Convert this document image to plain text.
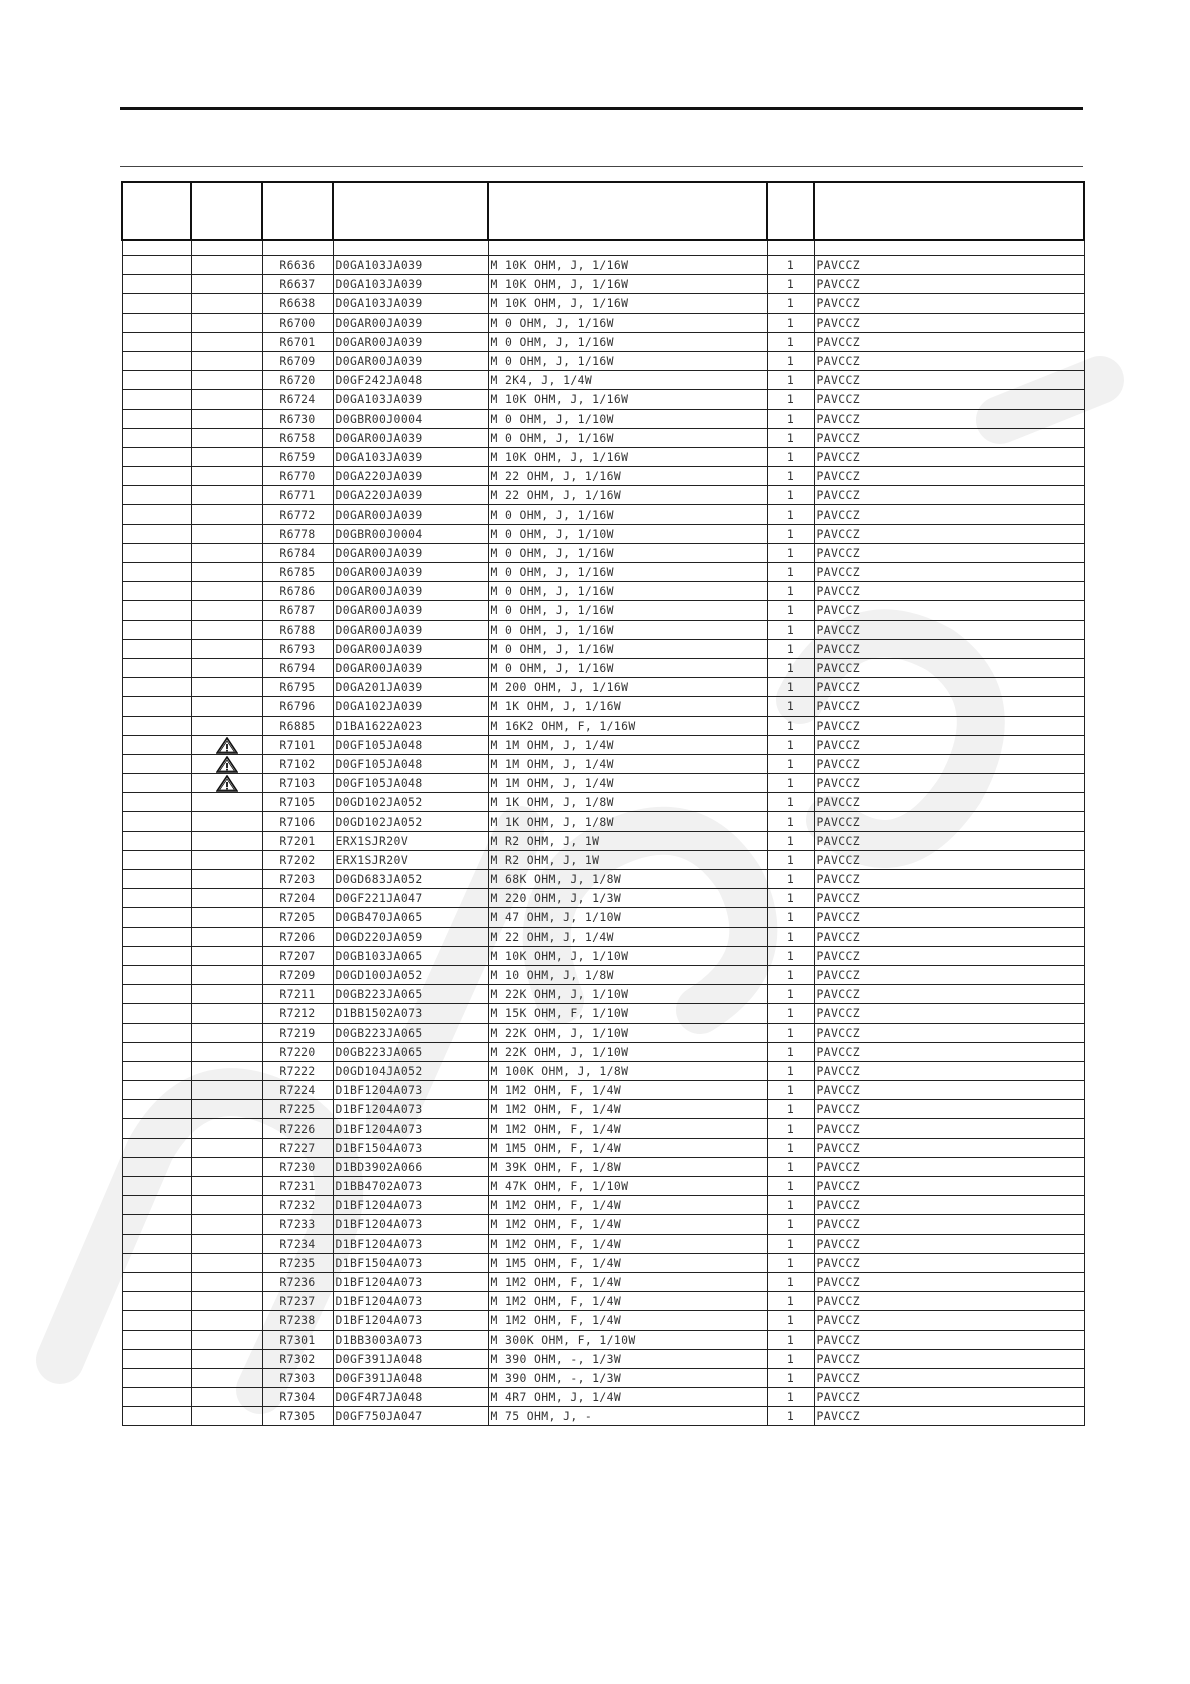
		R6636	D0GA103JA039	M 10K OHM, J, 1/16W	1	PAVCCZ
		R6637	D0GA103JA039	M 10K OHM, J, 1/16W	1	PAVCCZ
		R6638	D0GA103JA039	M 10K OHM, J, 1/16W	1	PAVCCZ
		R6700	D0GAR00JA039	M 0 OHM, J, 1/16W	1	PAVCCZ
		R6701	D0GAR00JA039	M 0 OHM, J, 1/16W	1	PAVCCZ
		R6709	D0GAR00JA039	M 0 OHM, J, 1/16W	1	PAVCCZ
		R6720	D0GF242JA048	M 2K4, J, 1/4W	1	PAVCCZ
		R6724	D0GA103JA039	M 10K OHM, J, 1/16W	1	PAVCCZ
		R6730	D0GBR00J0004	M 0 OHM, J, 1/10W	1	PAVCCZ
		R6758	D0GAR00JA039	M 0 OHM, J, 1/16W	1	PAVCCZ
		R6759	D0GA103JA039	M 10K OHM, J, 1/16W	1	PAVCCZ
		R6770	D0GA220JA039	M 22 OHM, J, 1/16W	1	PAVCCZ
		R6771	D0GA220JA039	M 22 OHM, J, 1/16W	1	PAVCCZ
		R6772	D0GAR00JA039	M 0 OHM, J, 1/16W	1	PAVCCZ
		R6778	D0GBR00J0004	M 0 OHM, J, 1/10W	1	PAVCCZ
		R6784	D0GAR00JA039	M 0 OHM, J, 1/16W	1	PAVCCZ
		R6785	D0GAR00JA039	M 0 OHM, J, 1/16W	1	PAVCCZ
		R6786	D0GAR00JA039	M 0 OHM, J, 1/16W	1	PAVCCZ
		R6787	D0GAR00JA039	M 0 OHM, J, 1/16W	1	PAVCCZ
		R6788	D0GAR00JA039	M 0 OHM, J, 1/16W	1	PAVCCZ
		R6793	D0GAR00JA039	M 0 OHM, J, 1/16W	1	PAVCCZ
		R6794	D0GAR00JA039	M 0 OHM, J, 1/16W	1	PAVCCZ
		R6795	D0GA201JA039	M 200 OHM, J, 1/16W	1	PAVCCZ
		R6796	D0GA102JA039	M 1K OHM, J, 1/16W	1	PAVCCZ
		R6885	D1BA1622A023	M 16K2 OHM, F, 1/16W	1	PAVCCZ
		R7101	D0GF105JA048	M 1M OHM, J, 1/4W	1	PAVCCZ
		R7102	D0GF105JA048	M 1M OHM, J, 1/4W	1	PAVCCZ
		R7103	D0GF105JA048	M 1M OHM, J, 1/4W	1	PAVCCZ
		R7105	D0GD102JA052	M 1K OHM, J, 1/8W	1	PAVCCZ
		R7106	D0GD102JA052	M 1K OHM, J, 1/8W	1	PAVCCZ
		R7201	ERX1SJR20V	M R2 OHM, J, 1W	1	PAVCCZ
		R7202	ERX1SJR20V	M R2 OHM, J, 1W	1	PAVCCZ
		R7203	D0GD683JA052	M 68K OHM, J, 1/8W	1	PAVCCZ
		R7204	D0GF221JA047	M 220 OHM, J, 1/3W	1	PAVCCZ
		R7205	D0GB470JA065	M 47 OHM, J, 1/10W	1	PAVCCZ
		R7206	D0GD220JA059	M 22 OHM, J, 1/4W	1	PAVCCZ
		R7207	D0GB103JA065	M 10K OHM, J, 1/10W	1	PAVCCZ
		R7209	D0GD100JA052	M 10 OHM, J, 1/8W	1	PAVCCZ
		R7211	D0GB223JA065	M 22K OHM, J, 1/10W	1	PAVCCZ
		R7212	D1BB1502A073	M 15K OHM, F, 1/10W	1	PAVCCZ
		R7219	D0GB223JA065	M 22K OHM, J, 1/10W	1	PAVCCZ
		R7220	D0GB223JA065	M 22K OHM, J, 1/10W	1	PAVCCZ
		R7222	D0GD104JA052	M 100K OHM, J, 1/8W	1	PAVCCZ
		R7224	D1BF1204A073	M 1M2 OHM, F, 1/4W	1	PAVCCZ
		R7225	D1BF1204A073	M 1M2 OHM, F, 1/4W	1	PAVCCZ
		R7226	D1BF1204A073	M 1M2 OHM, F, 1/4W	1	PAVCCZ
		R7227	D1BF1504A073	M 1M5 OHM, F, 1/4W	1	PAVCCZ
		R7230	D1BD3902A066	M 39K OHM, F, 1/8W	1	PAVCCZ
		R7231	D1BB4702A073	M 47K OHM, F, 1/10W	1	PAVCCZ
		R7232	D1BF1204A073	M 1M2 OHM, F, 1/4W	1	PAVCCZ
		R7233	D1BF1204A073	M 1M2 OHM, F, 1/4W	1	PAVCCZ
		R7234	D1BF1204A073	M 1M2 OHM, F, 1/4W	1	PAVCCZ
		R7235	D1BF1504A073	M 1M5 OHM, F, 1/4W	1	PAVCCZ
		R7236	D1BF1204A073	M 1M2 OHM, F, 1/4W	1	PAVCCZ
		R7237	D1BF1204A073	M 1M2 OHM, F, 1/4W	1	PAVCCZ
		R7238	D1BF1204A073	M 1M2 OHM, F, 1/4W	1	PAVCCZ
		R7301	D1BB3003A073	M 300K OHM, F, 1/10W	1	PAVCCZ
		R7302	D0GF391JA048	M 390 OHM, -, 1/3W	1	PAVCCZ
		R7303	D0GF391JA048	M 390 OHM, -, 1/3W	1	PAVCCZ
		R7304	D0GF4R7JA048	M 4R7 OHM, J, 1/4W	1	PAVCCZ
		R7305	D0GF750JA047	M 75 OHM, J, -	1	PAVCCZ
